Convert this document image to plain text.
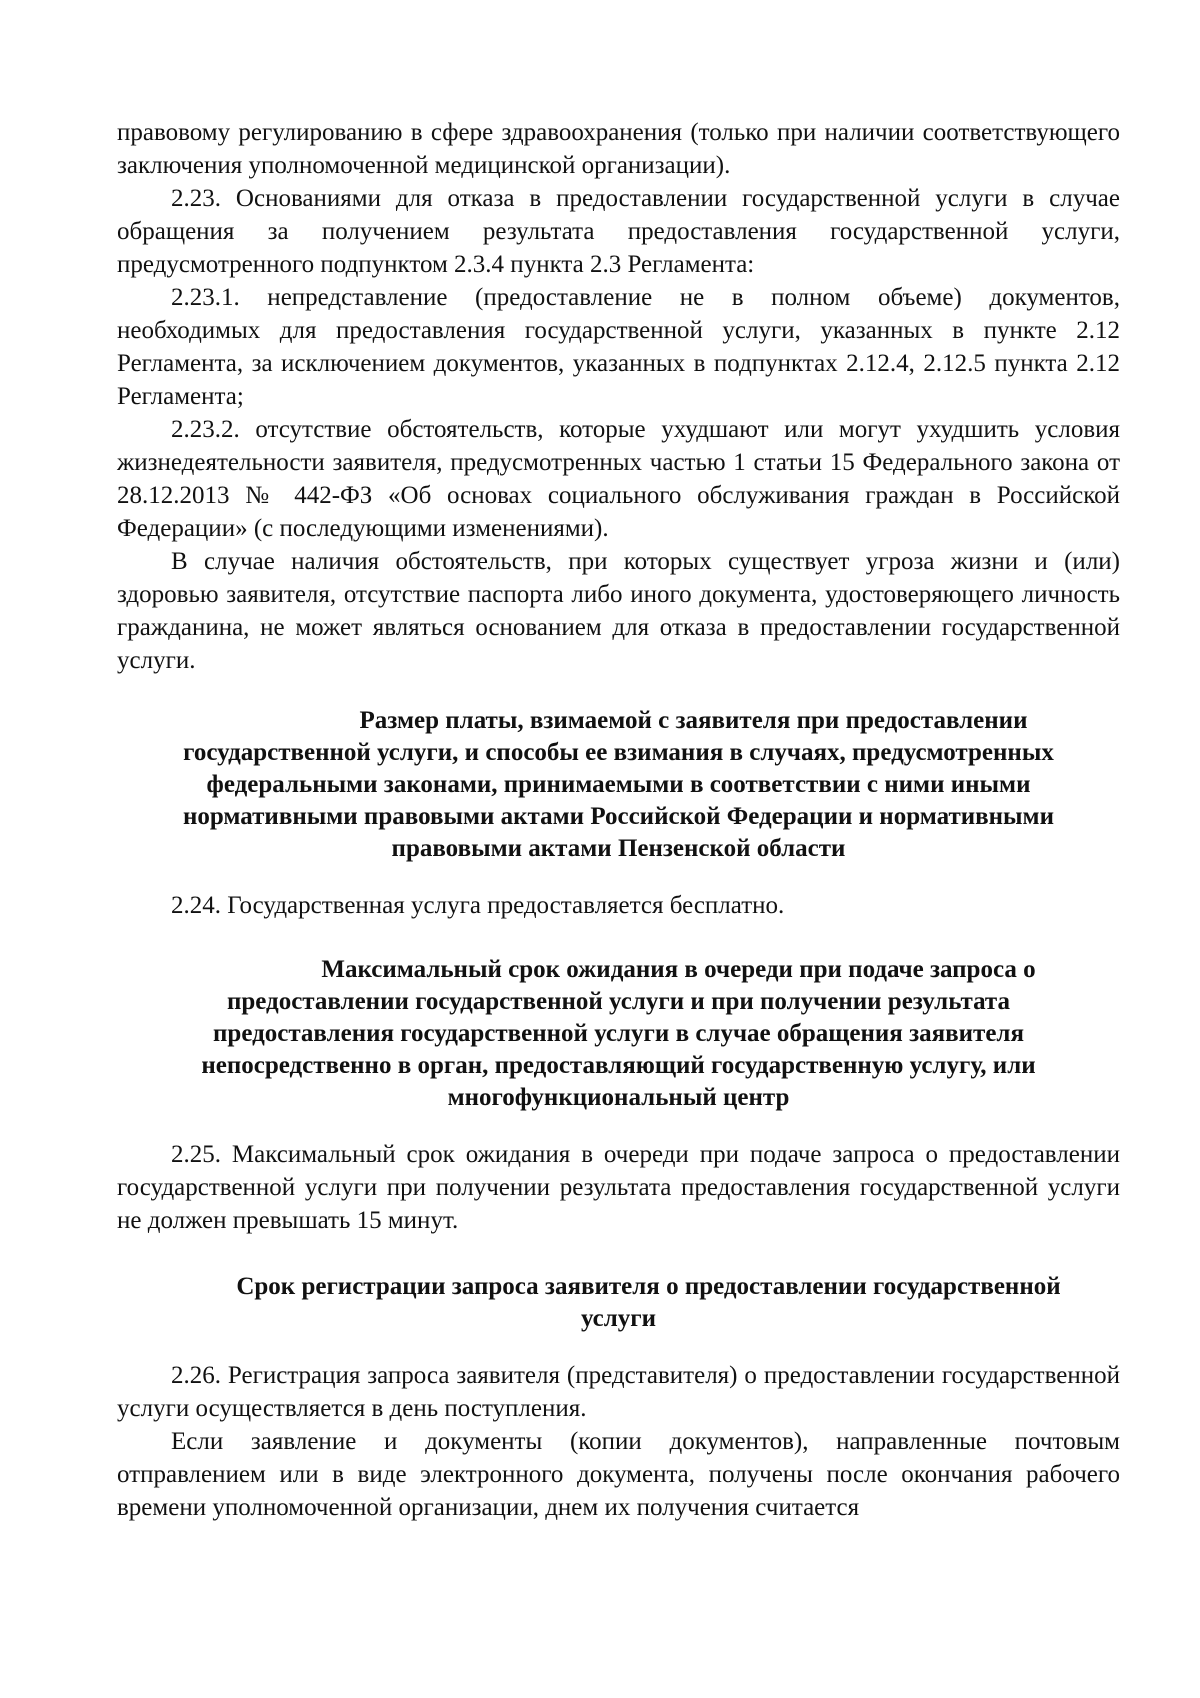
правовому регулированию в сфере здравоохранения (только при наличии соответствующего заключения уполномоченной медицинской организации).

2.23. Основаниями для отказа в предоставлении государственной услуги в случае обращения за получением результата предоставления государственной услуги, предусмотренного подпунктом 2.3.4 пункта 2.3 Регламента:

2.23.1. непредставление (предоставление не в полном объеме) документов, необходимых для предоставления государственной услуги, указанных в пункте 2.12 Регламента, за исключением документов, указанных в подпунктах 2.12.4, 2.12.5 пункта 2.12 Регламента;

2.23.2. отсутствие обстоятельств, которые ухудшают или могут ухудшить условия жизнедеятельности заявителя, предусмотренных частью 1 статьи 15 Федерального закона от 28.12.2013 № 442-ФЗ «Об основах социального обслуживания граждан в Российской Федерации» (с последующими изменениями).

В случае наличия обстоятельств, при которых существует угроза жизни и (или) здоровью заявителя, отсутствие паспорта либо иного документа, удостоверяющего личность гражданина, не может являться основанием для отказа в предоставлении государственной услуги.

Размер платы, взимаемой с заявителя при предоставлении
государственной услуги, и способы ее взимания в случаях, предусмотренных
федеральными законами, принимаемыми в соответствии с ними иными
нормативными правовыми актами Российской Федерации и нормативными
правовыми актами Пензенской области

2.24. Государственная услуга предоставляется бесплатно.

Максимальный срок ожидания в очереди при подаче запроса о
предоставлении государственной услуги и при получении результата
предоставления государственной услуги в случае обращения заявителя
непосредственно в орган, предоставляющий государственную услугу, или
многофункциональный центр

2.25. Максимальный срок ожидания в очереди при подаче запроса о предоставлении государственной услуги при получении результата предоставления государственной услуги не должен превышать 15 минут.

Срок регистрации запроса заявителя о предоставлении государственной
услуги

2.26. Регистрация запроса заявителя (представителя) о предоставлении государственной услуги осуществляется в день поступления.

Если заявление и документы (копии документов), направленные почтовым отправлением или в виде электронного документа, получены после окончания рабочего времени уполномоченной организации, днем их получения считается
